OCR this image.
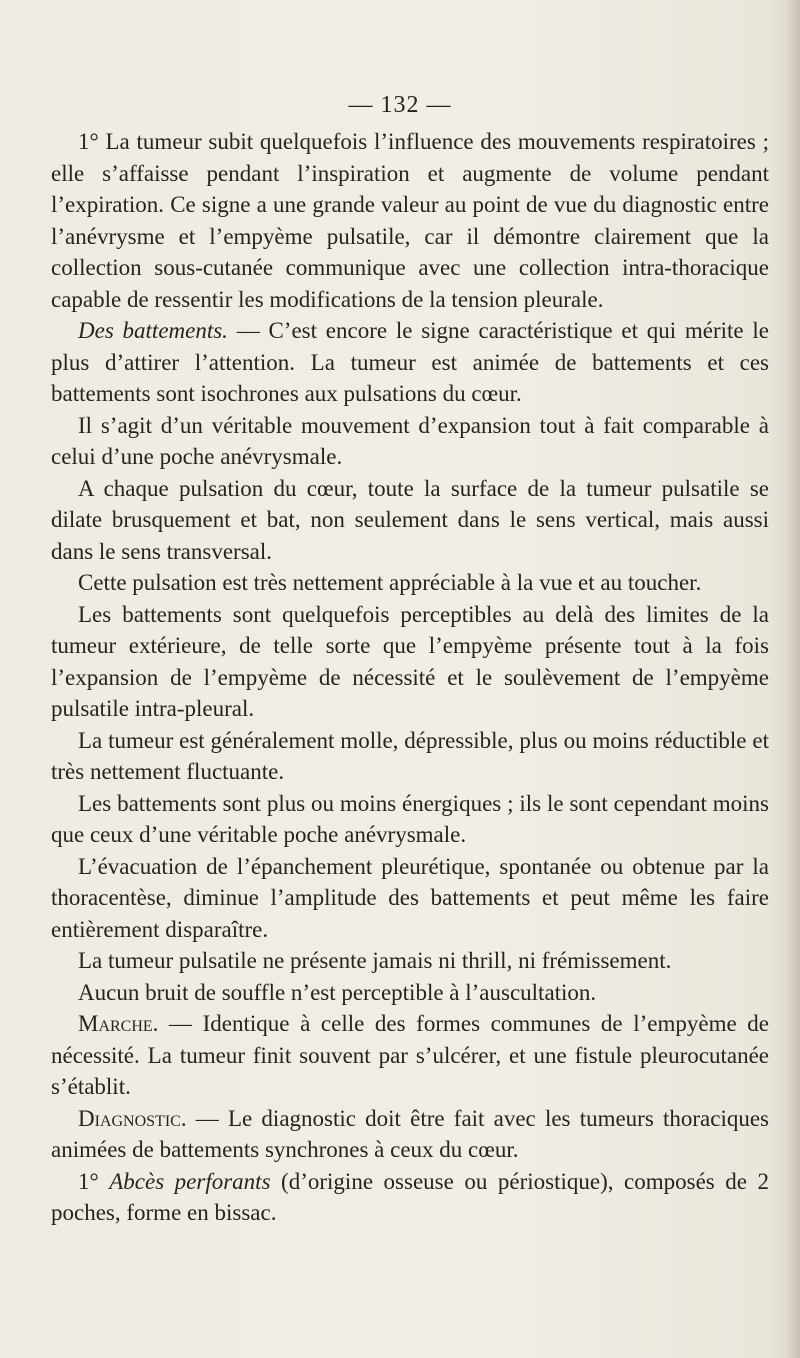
— 132 —

1° La tumeur subit quelquefois l’influence des mouvements respiratoires ; elle s’affaisse pendant l’inspiration et augmente de volume pendant l’expiration. Ce signe a une grande valeur au point de vue du diagnostic entre l’anévrysme et l’empyème pulsatile, car il démontre clairement que la collection sous-cutanée communique avec une collection intra-thoracique capable de ressentir les modifications de la tension pleurale.

Des battements. — C’est encore le signe caractéristique et qui mérite le plus d’attirer l’attention. La tumeur est animée de battements et ces battements sont isochrones aux pulsations du cœur.

Il s’agit d’un véritable mouvement d’expansion tout à fait comparable à celui d’une poche anévrysmale.

A chaque pulsation du cœur, toute la surface de la tumeur pulsatile se dilate brusquement et bat, non seulement dans le sens vertical, mais aussi dans le sens transversal.

Cette pulsation est très nettement appréciable à la vue et au toucher.

Les battements sont quelquefois perceptibles au delà des limites de la tumeur extérieure, de telle sorte que l’empyème présente tout à la fois l’expansion de l’empyème de nécessité et le soulèvement de l’empyème pulsatile intra-pleural.

La tumeur est généralement molle, dépressible, plus ou moins réductible et très nettement fluctuante.

Les battements sont plus ou moins énergiques ; ils le sont cependant moins que ceux d’une véritable poche anévrysmale.

L’évacuation de l’épanchement pleurétique, spontanée ou obtenue par la thoracentèse, diminue l’amplitude des battements et peut même les faire entièrement disparaître.

La tumeur pulsatile ne présente jamais ni thrill, ni frémissement.

Aucun bruit de souffle n’est perceptible à l’auscultation.

Marche. — Identique à celle des formes communes de l’empyème de nécessité. La tumeur finit souvent par s’ulcérer, et une fistule pleurocutanée s’établit.

Diagnostic. — Le diagnostic doit être fait avec les tumeurs thoraciques animées de battements synchrones à ceux du cœur.

1° Abcès perforants (d’origine osseuse ou périostique), composés de 2 poches, forme en bissac.
